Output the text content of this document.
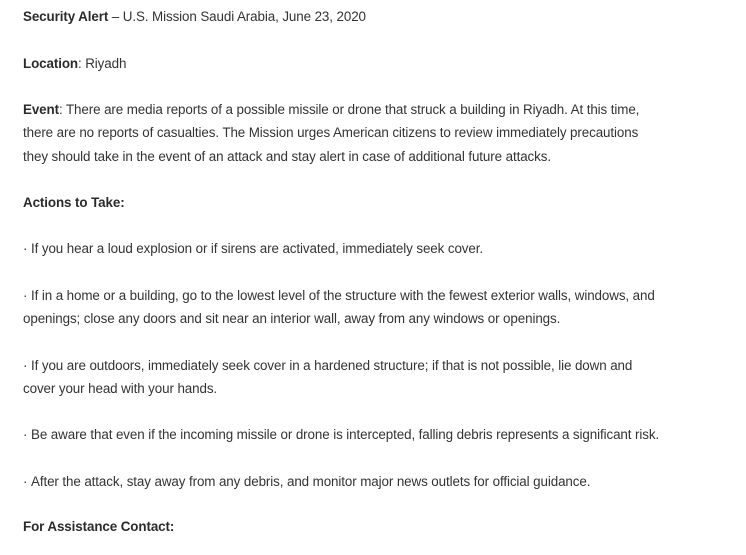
Security Alert – U.S. Mission Saudi Arabia, June 23, 2020
Location: Riyadh
Event: There are media reports of a possible missile or drone that struck a building in Riyadh. At this time,
there are no reports of casualties. The Mission urges American citizens to review immediately precautions
they should take in the event of an attack and stay alert in case of additional future attacks.
Actions to Take:
· If you hear a loud explosion or if sirens are activated, immediately seek cover.
· If in a home or a building, go to the lowest level of the structure with the fewest exterior walls, windows, and
openings; close any doors and sit near an interior wall, away from any windows or openings.
· If you are outdoors, immediately seek cover in a hardened structure; if that is not possible, lie down and
cover your head with your hands.
· Be aware that even if the incoming missile or drone is intercepted, falling debris represents a significant risk.
· After the attack, stay away from any debris, and monitor major news outlets for official guidance.
For Assistance Contact:
